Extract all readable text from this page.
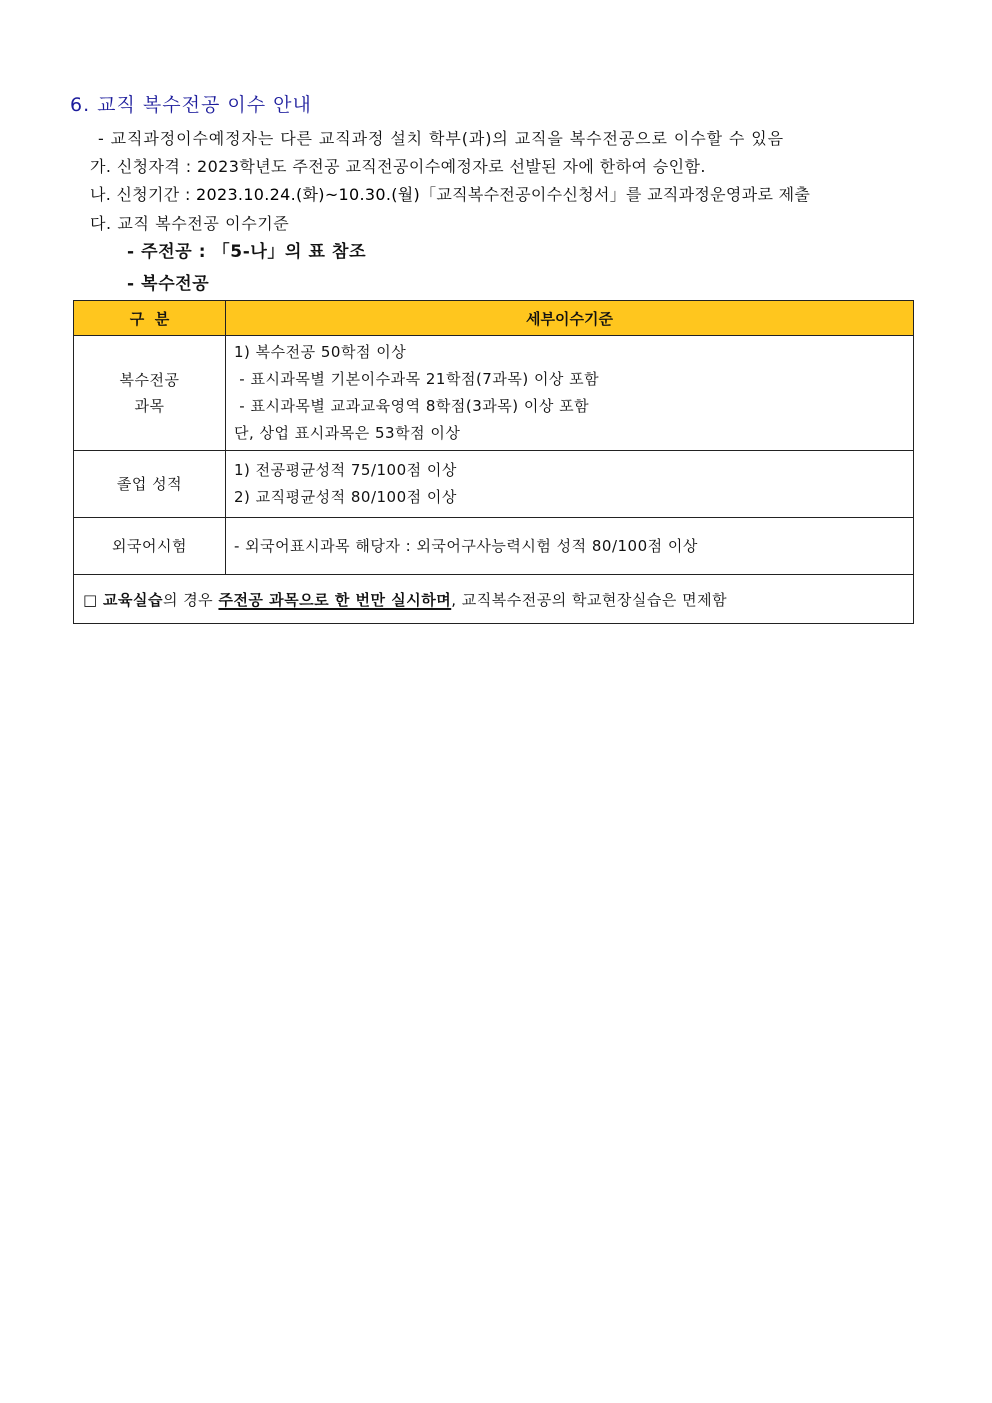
6. 교직 복수전공 이수 안내
- 교직과정이수예정자는 다른 교직과정 설치 학부(과)의 교직을 복수전공으로 이수할 수 있음
가. 신청자격 : 2023학년도 주전공 교직전공이수예정자로 선발된 자에 한하여 승인함.
나. 신청기간 : 2023.10.24.(화)~10.30.(월)「교직복수전공이수신청서」를 교직과정운영과로 제출
다. 교직 복수전공 이수기준
- 주전공 : 「5-나」의 표 참조
- 복수전공
구  분	세부이수기준

복수전공
과목	1) 복수전공 50학점 이상
- 표시과목별 기본이수과목 21학점(7과목) 이상 포함
- 표시과목별 교과교육영역 8학점(3과목) 이상 포함
단, 상업 표시과목은 53학점 이상

졸업 성적	1) 전공평균성적 75/100점 이상
2) 교직평균성적 80/100점 이상

외국어시험	- 외국어표시과목 해당자 : 외국어구사능력시험 성적 80/100점 이상

□ 교육실습의 경우 주전공 과목으로 한 번만 실시하며, 교직복수전공의 학교현장실습은 면제함	
